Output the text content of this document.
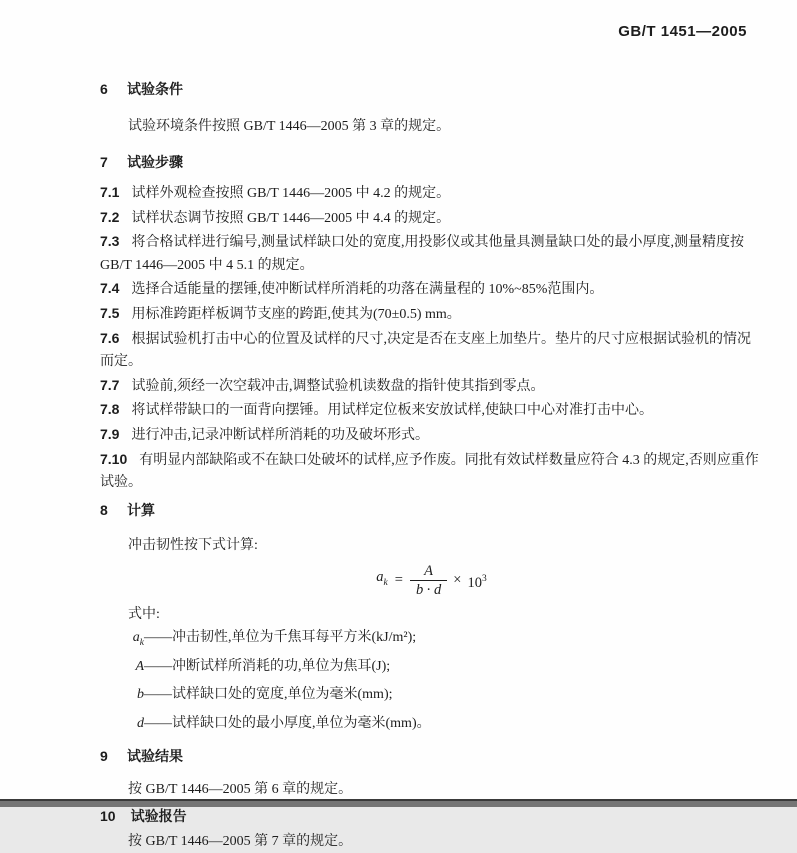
GB/T 1451—2005
6 试验条件
试验环境条件按照 GB/T 1446—2005 第 3 章的规定。
7 试验步骤
7.1 试样外观检查按照 GB/T 1446—2005 中 4.2 的规定。
7.2 试样状态调节按照 GB/T 1446—2005 中 4.4 的规定。
7.3 将合格试样进行编号,测量试样缺口处的宽度,用投影仪或其他量具测量缺口处的最小厚度,测量精度按 GB/T 1446—2005 中 4 5.1 的规定。
7.4 选择合适能量的摆锤,使冲断试样所消耗的功落在满量程的 10%~85%范围内。
7.5 用标准跨距样板调节支座的跨距,使其为(70±0.5) mm。
7.6 根据试验机打击中心的位置及试样的尺寸,决定是否在支座上加垫片。垫片的尺寸应根据试验机的情况而定。
7.7 试验前,须经一次空载冲击,调整试验机读数盘的指针使其指到零点。
7.8 将试样带缺口的一面背向摆锤。用试样定位板来安放试样,使缺口中心对准打击中心。
7.9 进行冲击,记录冲断试样所消耗的功及破坏形式。
7.10 有明显内部缺陷或不在缺口处破坏的试样,应予作废。同批有效试样数量应符合 4.3 的规定,否则应重作试验。
8 计算
冲击韧性按下式计算:
$a_k = \frac{A}{b \cdot d} \times 10^3$
式中:
$a_k——$冲击韧性,单位为千焦耳每平方米(kJ/m²);
A——冲断试样所消耗的功,单位为焦耳(J);
b——试样缺口处的宽度,单位为毫米(mm);
d——试样缺口处的最小厚度,单位为毫米(mm)。
9 试验结果
按 GB/T 1446—2005 第 6 章的规定。
10 试验报告
按 GB/T 1446—2005 第 7 章的规定。
